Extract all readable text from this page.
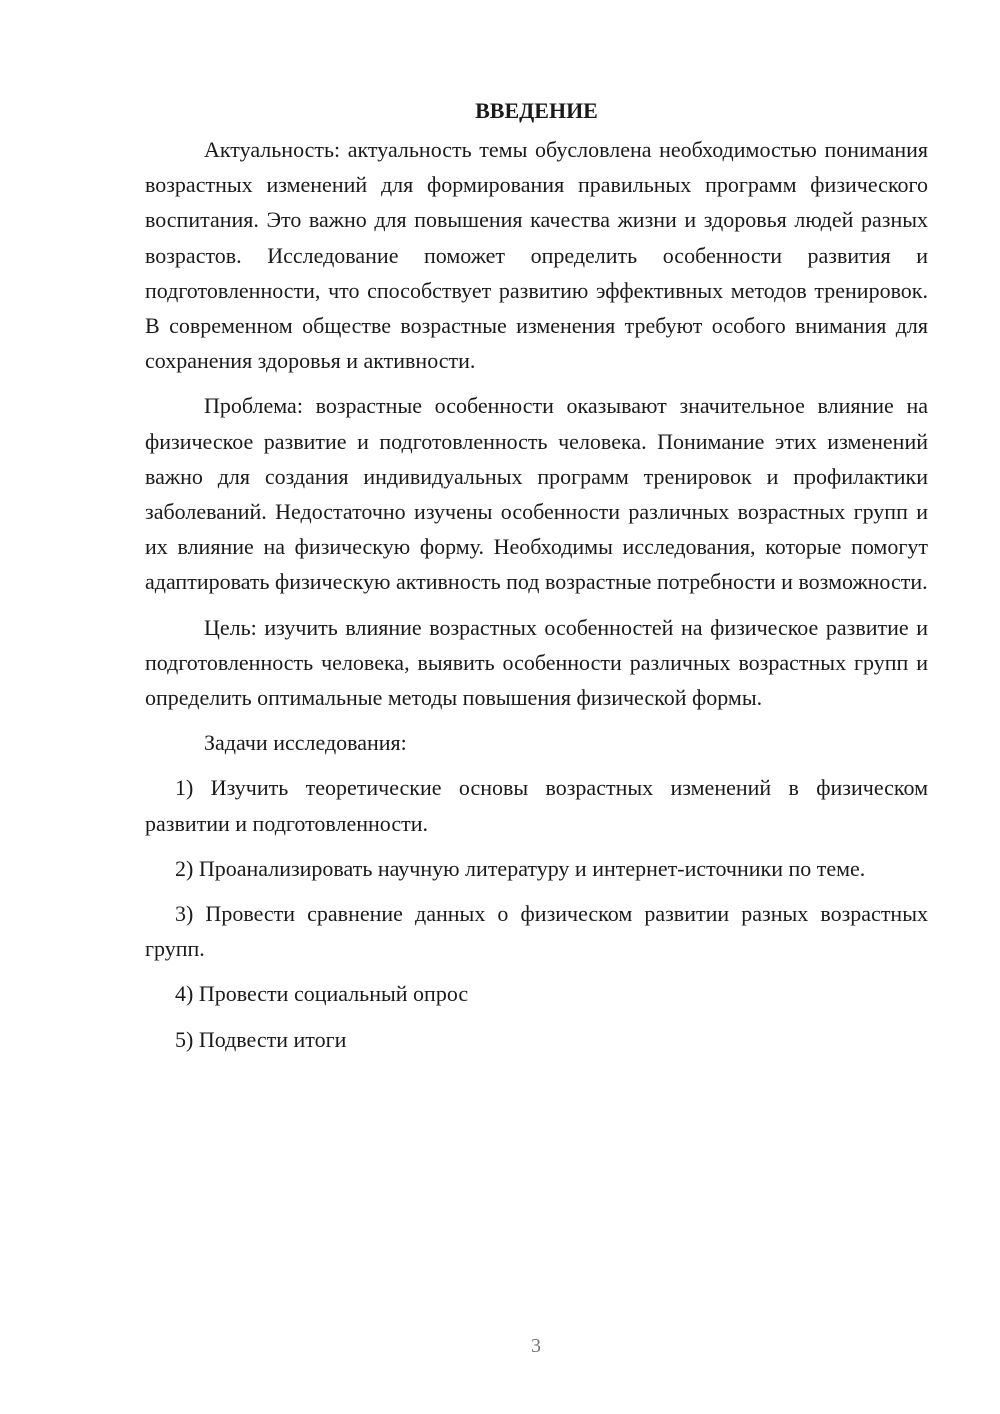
ВВЕДЕНИЕ

Актуальность: актуальность темы обусловлена необходимостью понимания возрастных изменений для формирования правильных программ физического воспитания. Это важно для повышения качества жизни и здоровья людей разных возрастов. Исследование поможет определить особенности развития и подготовленности, что способствует развитию эффективных методов тренировок. В современном обществе возрастные изменения требуют особого внимания для сохранения здоровья и активности.

Проблема: возрастные особенности оказывают значительное влияние на физическое развитие и подготовленность человека. Понимание этих изменений важно для создания индивидуальных программ тренировок и профилактики заболеваний. Недостаточно изучены особенности различных возрастных групп и их влияние на физическую форму. Необходимы исследования, которые помогут адаптировать физическую активность под возрастные потребности и возможности.

Цель: изучить влияние возрастных особенностей на физическое развитие и подготовленность человека, выявить особенности различных возрастных групп и определить оптимальные методы повышения физической формы.

Задачи исследования:

1) Изучить теоретические основы возрастных изменений в физическом развитии и подготовленности.

2) Проанализировать научную литературу и интернет-источники по теме.

3) Провести сравнение данных о физическом развитии разных возрастных групп.

4) Провести социальный опрос

5) Подвести итоги

3
